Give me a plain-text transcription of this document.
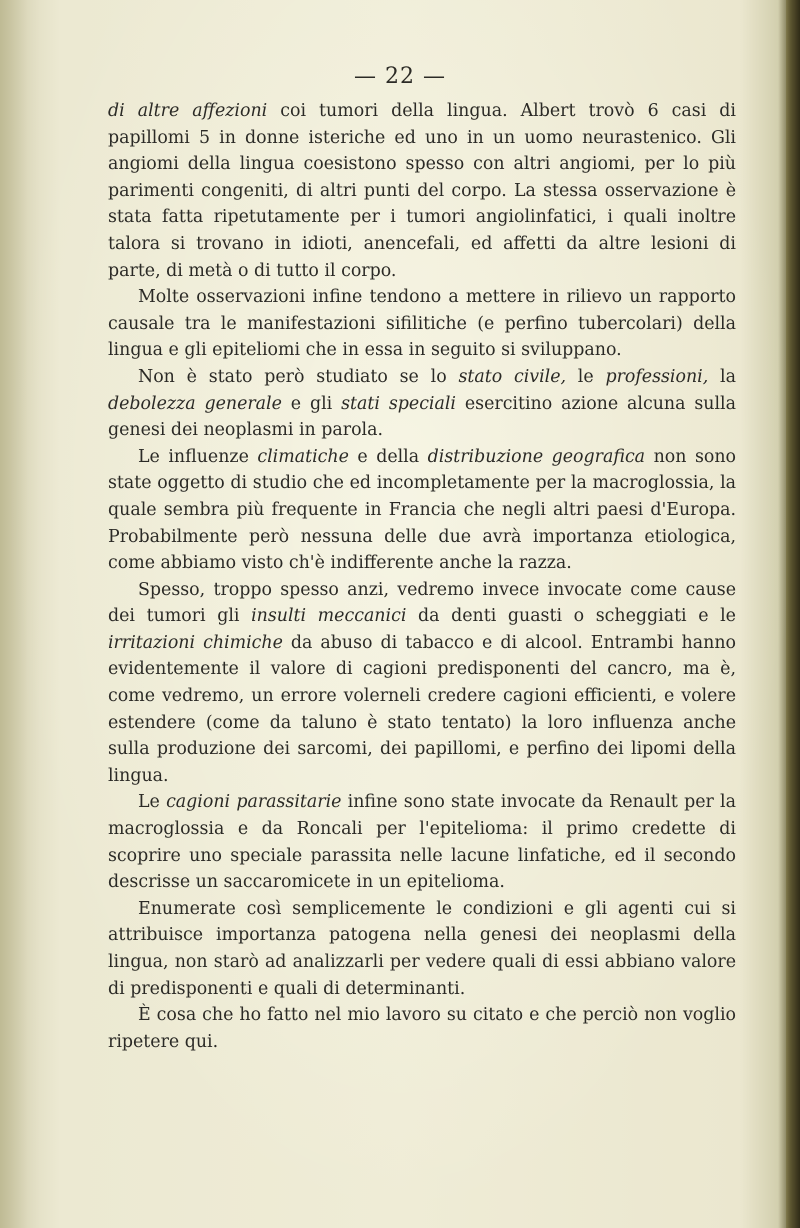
— 22 —

di altre affezioni coi tumori della lingua. Albert trovò 6 casi di papillomi 5 in donne isteriche ed uno in un uomo neurastenico. Gli angiomi della lingua coesistono spesso con altri angiomi, per lo più parimenti congeniti, di altri punti del corpo. La stessa osservazione è stata fatta ripetutamente per i tumori angiolinfatici, i quali inoltre talora si trovano in idioti, anencefali, ed affetti da altre lesioni di parte, di metà o di tutto il corpo.

Molte osservazioni infine tendono a mettere in rilievo un rapporto causale tra le manifestazioni sifilitiche (e perfino tubercolari) della lingua e gli epiteliomi che in essa in seguito si sviluppano.

Non è stato però studiato se lo stato civile, le professioni, la debolezza generale e gli stati speciali esercitino azione alcuna sulla genesi dei neoplasmi in parola.

Le influenze climatiche e della distribuzione geografica non sono state oggetto di studio che ed incompletamente per la macroglossia, la quale sembra più frequente in Francia che negli altri paesi d'Europa. Probabilmente però nessuna delle due avrà importanza etiologica, come abbiamo visto ch'è indifferente anche la razza.

Spesso, troppo spesso anzi, vedremo invece invocate come cause dei tumori gli insulti meccanici da denti guasti o scheggiati e le irritazioni chimiche da abuso di tabacco e di alcool. Entrambi hanno evidentemente il valore di cagioni predisponenti del cancro, ma è, come vedremo, un errore volerneli credere cagioni efficienti, e volere estendere (come da taluno è stato tentato) la loro influenza anche sulla produzione dei sarcomi, dei papillomi, e perfino dei lipomi della lingua.

Le cagioni parassitarie infine sono state invocate da Renault per la macroglossia e da Roncali per l'epitelioma: il primo credette di scoprire uno speciale parassita nelle lacune linfatiche, ed il secondo descrisse un saccaromicete in un epitelioma.

Enumerate così semplicemente le condizioni e gli agenti cui si attribuisce importanza patogena nella genesi dei neoplasmi della lingua, non starò ad analizzarli per vedere quali di essi abbiano valore di predisponenti e quali di determinanti.

È cosa che ho fatto nel mio lavoro su citato e che perciò non voglio ripetere qui.
